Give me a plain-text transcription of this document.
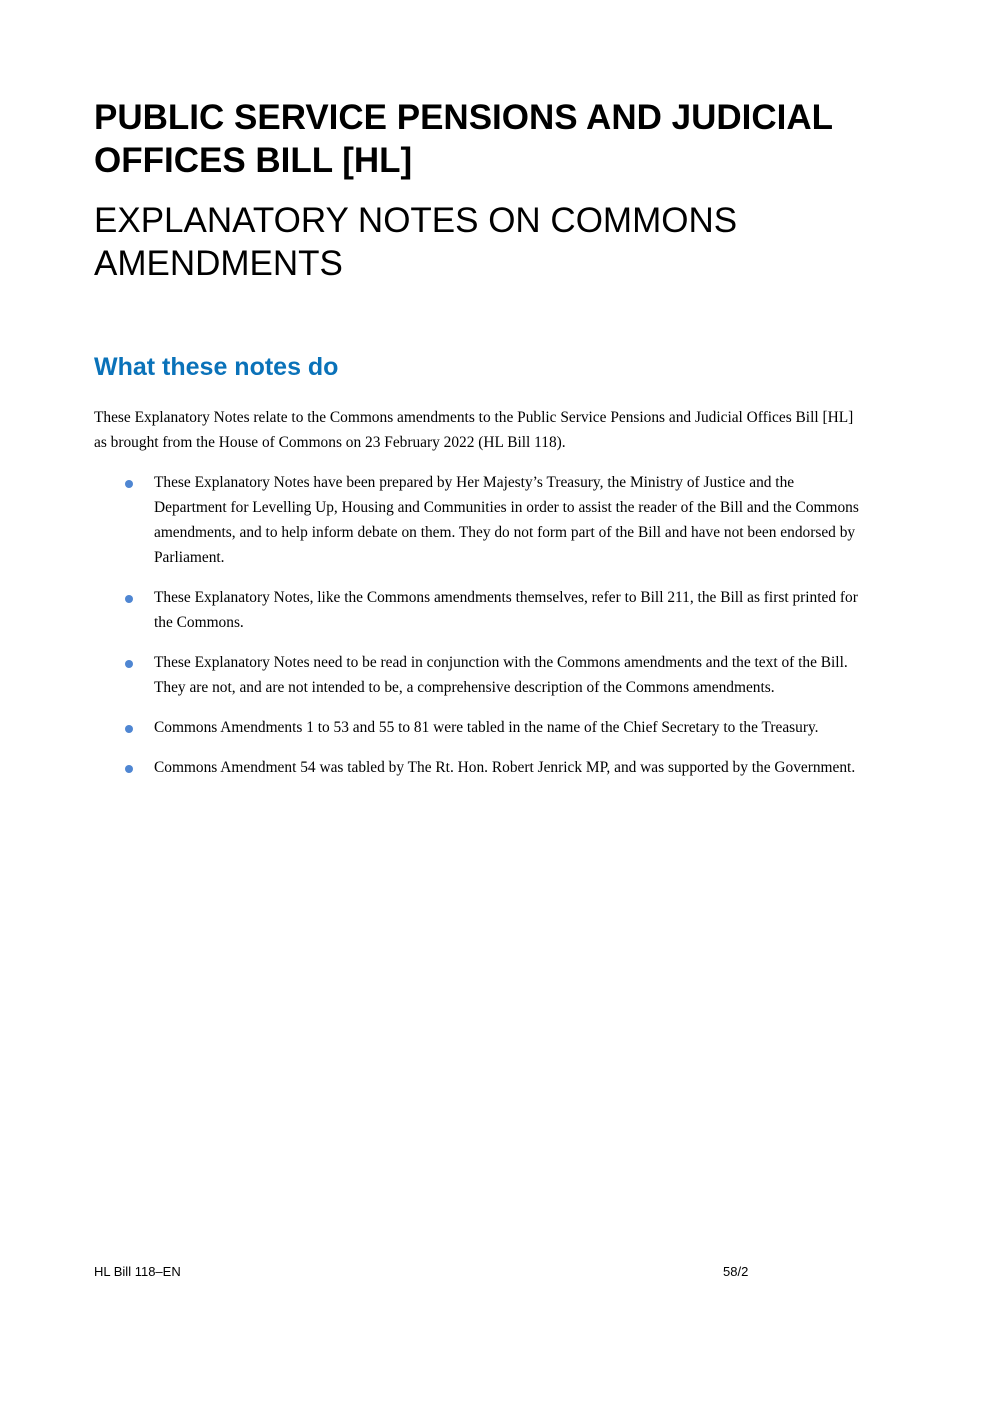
PUBLIC SERVICE PENSIONS AND JUDICIAL OFFICES BILL [HL]
EXPLANATORY NOTES ON COMMONS AMENDMENTS
What these notes do

These Explanatory Notes relate to the Commons amendments to the Public Service Pensions and Judicial Offices Bill [HL] as brought from the House of Commons on 23 February 2022 (HL Bill 118).

These Explanatory Notes have been prepared by Her Majesty’s Treasury, the Ministry of Justice and the Department for Levelling Up, Housing and Communities in order to assist the reader of the Bill and the Commons amendments, and to help inform debate on them. They do not form part of the Bill and have not been endorsed by Parliament.
These Explanatory Notes, like the Commons amendments themselves, refer to Bill 211, the Bill as first printed for the Commons.
These Explanatory Notes need to be read in conjunction with the Commons amendments and the text of the Bill. They are not, and are not intended to be, a comprehensive description of the Commons amendments.
Commons Amendments 1 to 53 and 55 to 81 were tabled in the name of the Chief Secretary to the Treasury.
Commons Amendment 54 was tabled by The Rt. Hon. Robert Jenrick MP, and was supported by the Government.
HL Bill 118–EN	58/2
